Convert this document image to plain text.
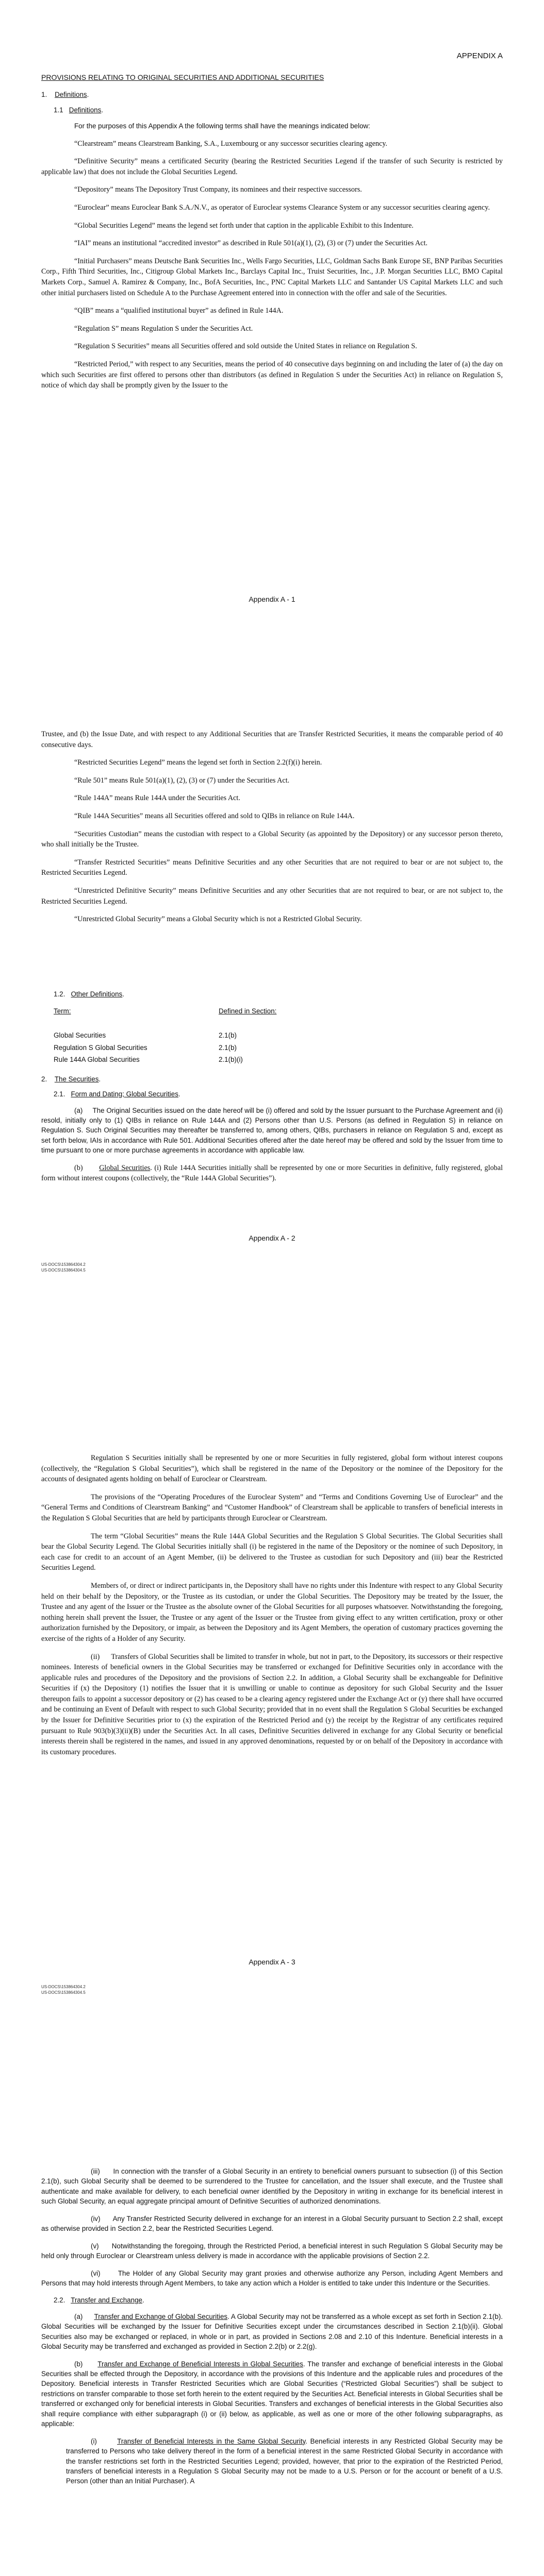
APPENDIX A
PROVISIONS RELATING TO ORIGINAL SECURITIES AND ADDITIONAL SECURITIES
1. Definitions.
1.1 Definitions.

For the purposes of this Appendix A the following terms shall have the meanings indicated below:

“Clearstream” means Clearstream Banking, S.A., Luxembourg or any successor securities clearing agency.

“Definitive Security” means a certificated Security (bearing the Restricted Securities Legend if the transfer of such Security is restricted by applicable law) that does not include the Global Securities Legend.

“Depository” means The Depository Trust Company, its nominees and their respective successors.

“Euroclear” means Euroclear Bank S.A./N.V., as operator of Euroclear systems Clearance System or any successor securities clearing agency.

“Global Securities Legend” means the legend set forth under that caption in the applicable Exhibit to this Indenture.

“IAI” means an institutional “accredited investor” as described in Rule 501(a)(1), (2), (3) or (7) under the Securities Act.

“Initial Purchasers” means Deutsche Bank Securities Inc., Wells Fargo Securities, LLC, Goldman Sachs Bank Europe SE, BNP Paribas Securities Corp., Fifth Third Securities, Inc., Citigroup Global Markets Inc., Barclays Capital Inc., Truist Securities, Inc., J.P. Morgan Securities LLC, BMO Capital Markets Corp., Samuel A. Ramirez & Company, Inc., BofA Securities, Inc., PNC Capital Markets LLC and Santander US Capital Markets LLC and such other initial purchasers listed on Schedule A to the Purchase Agreement entered into in connection with the offer and sale of the Securities.

“QIB” means a “qualified institutional buyer” as defined in Rule 144A.

“Regulation S” means Regulation S under the Securities Act.

“Regulation S Securities” means all Securities offered and sold outside the United States in reliance on Regulation S.

“Restricted Period,” with respect to any Securities, means the period of 40 consecutive days beginning on and including the later of (a) the day on which such Securities are first offered to persons other than distributors (as defined in Regulation S under the Securities Act) in reliance on Regulation S, notice of which day shall be promptly given by the Issuer to the

Appendix A - 1

Trustee, and (b) the Issue Date, and with respect to any Additional Securities that are Transfer Restricted Securities, it means the comparable period of 40 consecutive days.

“Restricted Securities Legend” means the legend set forth in Section 2.2(f)(i) herein.

“Rule 501” means Rule 501(a)(1), (2), (3) or (7) under the Securities Act.

“Rule 144A” means Rule 144A under the Securities Act.

“Rule 144A Securities” means all Securities offered and sold to QIBs in reliance on Rule 144A.

“Securities Custodian” means the custodian with respect to a Global Security (as appointed by the Depository) or any successor person thereto, who shall initially be the Trustee.

“Transfer Restricted Securities” means Definitive Securities and any other Securities that are not required to bear or are not subject to, the Restricted Securities Legend.

“Unrestricted Definitive Security” means Definitive Securities and any other Securities that are not required to bear, or are not subject to, the Restricted Securities Legend.

“Unrestricted Global Security” means a Global Security which is not a Restricted Global Security.

1.2. Other Definitions.
Term:	Defined in Section:

Global Securities	2.1(b)
Regulation S Global Securities	2.1(b)
Rule 144A Global Securities	2.1(b)(i)
2. The Securities.
2.1. Form and Dating; Global Securities.

(a)     The Original Securities issued on the date hereof will be (i) offered and sold by the Issuer pursuant to the Purchase Agreement and (ii) resold, initially only to (1) QIBs in reliance on Rule 144A and (2) Persons other than U.S. Persons (as defined in Regulation S) in reliance on Regulation S. Such Original Securities may thereafter be transferred to, among others, QIBs, purchasers in reliance on Regulation S and, except as set forth below, IAIs in accordance with Rule 501. Additional Securities offered after the date hereof may be offered and sold by the Issuer from time to time pursuant to one or more purchase agreements in accordance with applicable law.

(b) Global Securities. (i) Rule 144A Securities initially shall be represented by one or more Securities in definitive, fully registered, global form without interest coupons (collectively, the “Rule 144A Global Securities”).

Appendix A - 2
US-DOCS\153864304.2
US-DOCS\153864304.5

Regulation S Securities initially shall be represented by one or more Securities in fully registered, global form without interest coupons (collectively, the “Regulation S Global Securities”), which shall be registered in the name of the Depository or the nominee of the Depository for the accounts of designated agents holding on behalf of Euroclear or Clearstream.

The provisions of the “Operating Procedures of the Euroclear System” and “Terms and Conditions Governing Use of Euroclear” and the “General Terms and Conditions of Clearstream Banking” and “Customer Handbook” of Clearstream shall be applicable to transfers of beneficial interests in the Regulation S Global Securities that are held by participants through Euroclear or Clearstream.

The term “Global Securities” means the Rule 144A Global Securities and the Regulation S Global Securities. The Global Securities shall bear the Global Security Legend. The Global Securities initially shall (i) be registered in the name of the Depository or the nominee of such Depository, in each case for credit to an account of an Agent Member, (ii) be delivered to the Trustee as custodian for such Depository and (iii) bear the Restricted Securities Legend.

Members of, or direct or indirect participants in, the Depository shall have no rights under this Indenture with respect to any Global Security held on their behalf by the Depository, or the Trustee as its custodian, or under the Global Securities. The Depository may be treated by the Issuer, the Trustee and any agent of the Issuer or the Trustee as the absolute owner of the Global Securities for all purposes whatsoever. Notwithstanding the foregoing, nothing herein shall prevent the Issuer, the Trustee or any agent of the Issuer or the Trustee from giving effect to any written certification, proxy or other authorization furnished by the Depository, or impair, as between the Depository and its Agent Members, the operation of customary practices governing the exercise of the rights of a Holder of any Security.

(ii)      Transfers of Global Securities shall be limited to transfer in whole, but not in part, to the Depository, its successors or their respective nominees. Interests of beneficial owners in the Global Securities may be transferred or exchanged for Definitive Securities only in accordance with the applicable rules and procedures of the Depository and the provisions of Section 2.2. In addition, a Global Security shall be exchangeable for Definitive Securities if (x) the Depository (1) notifies the Issuer that it is unwilling or unable to continue as depository for such Global Security and the Issuer thereupon fails to appoint a successor depository or (2) has ceased to be a clearing agency registered under the Exchange Act or (y) there shall have occurred and be continuing an Event of Default with respect to such Global Security; provided that in no event shall the Regulation S Global Securities be exchanged by the Issuer for Definitive Securities prior to (x) the expiration of the Restricted Period and (y) the receipt by the Registrar of any certificates required pursuant to Rule 903(b)(3)(ii)(B) under the Securities Act. In all cases, Definitive Securities delivered in exchange for any Global Security or beneficial interests therein shall be registered in the names, and issued in any approved denominations, requested by or on behalf of the Depository in accordance with its customary procedures.

Appendix A - 3
US-DOCS\153864304.2
US-DOCS\153864304.5

(iii)      In connection with the transfer of a Global Security in an entirety to beneficial owners pursuant to subsection (i) of this Section 2.1(b), such Global Security shall be deemed to be surrendered to the Trustee for cancellation, and the Issuer shall execute, and the Trustee shall authenticate and make available for delivery, to each beneficial owner identified by the Depository in writing in exchange for its beneficial interest in such Global Security, an equal aggregate principal amount of Definitive Securities of authorized denominations.

(iv)      Any Transfer Restricted Security delivered in exchange for an interest in a Global Security pursuant to Section 2.2 shall, except as otherwise provided in Section 2.2, bear the Restricted Securities Legend.

(v)      Notwithstanding the foregoing, through the Restricted Period, a beneficial interest in such Regulation S Global Security may be held only through Euroclear or Clearstream unless delivery is made in accordance with the applicable provisions of Section 2.2.

(vi)      The Holder of any Global Security may grant proxies and otherwise authorize any Person, including Agent Members and Persons that may hold interests through Agent Members, to take any action which a Holder is entitled to take under this Indenture or the Securities.

2.2. Transfer and Exchange.

(a) Transfer and Exchange of Global Securities. A Global Security may not be transferred as a whole except as set forth in Section 2.1(b). Global Securities will be exchanged by the Issuer for Definitive Securities except under the circumstances described in Section 2.1(b)(ii). Global Securities also may be exchanged or replaced, in whole or in part, as provided in Sections 2.08 and 2.10 of this Indenture. Beneficial interests in a Global Security may be transferred and exchanged as provided in Section 2.2(b) or 2.2(g).

(b) Transfer and Exchange of Beneficial Interests in Global Securities. The transfer and exchange of beneficial interests in the Global Securities shall be effected through the Depository, in accordance with the provisions of this Indenture and the applicable rules and procedures of the Depository. Beneficial interests in Transfer Restricted Securities which are Global Securities (“Restricted Global Securities”) shall be subject to restrictions on transfer comparable to those set forth herein to the extent required by the Securities Act. Beneficial interests in Global Securities shall be transferred or exchanged only for beneficial interests in Global Securities. Transfers and exchanges of beneficial interests in the Global Securities also shall require compliance with either subparagraph (i) or (ii) below, as applicable, as well as one or more of the other following subparagraphs, as applicable:

(i)	Transfer of Beneficial Interests in the Same Global Security. Beneficial interests in any Restricted Global Security may be transferred to Persons who take delivery thereof in the form of a beneficial interest in the same Restricted Global Security in accordance with the transfer restrictions set forth in the Restricted Securities Legend; provided, however, that prior to the expiration of the Restricted Period, transfers of beneficial interests in a Regulation S Global Security may not be made to a U.S. Person or for the account or benefit of a U.S. Person (other than an Initial Purchaser). A
